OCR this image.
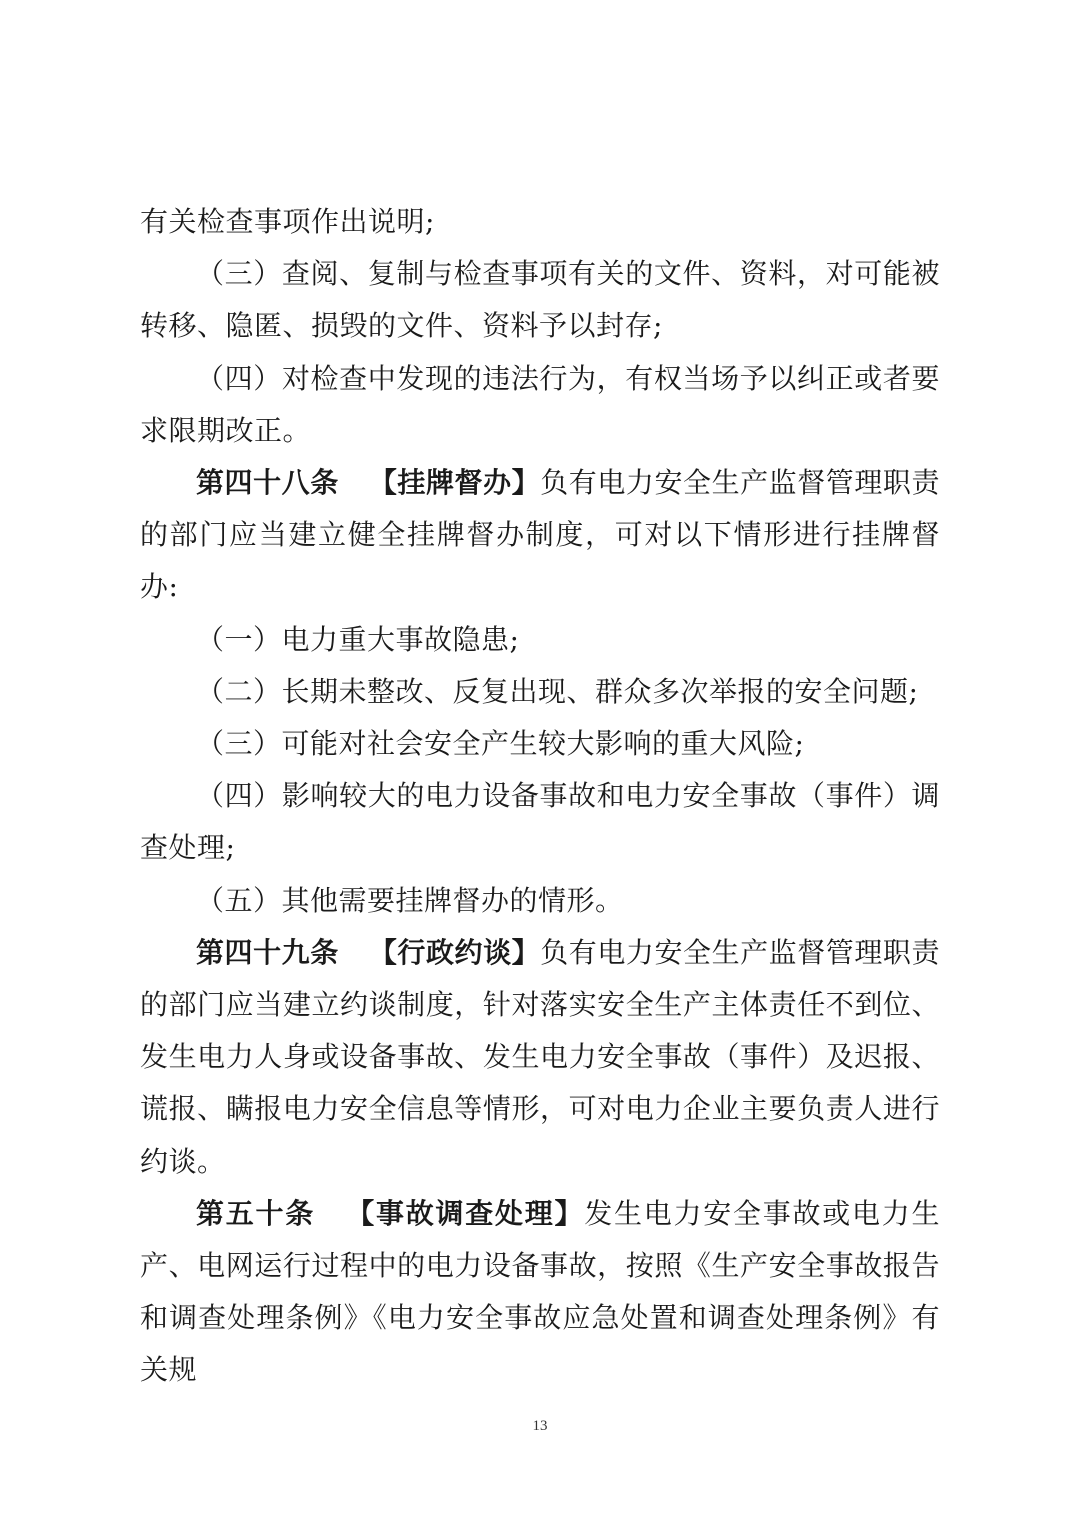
有关检查事项作出说明;

（三）查阅、复制与检查事项有关的文件、资料，对可能被转移、隐匿、损毁的文件、资料予以封存;

（四）对检查中发现的违法行为，有权当场予以纠正或者要求限期改正。

第四十八条 【挂牌督办】负有电力安全生产监督管理职责的部门应当建立健全挂牌督办制度，可对以下情形进行挂牌督办:

（一）电力重大事故隐患;

（二）长期未整改、反复出现、群众多次举报的安全问题;

（三）可能对社会安全产生较大影响的重大风险;

（四）影响较大的电力设备事故和电力安全事故（事件）调查处理;

（五）其他需要挂牌督办的情形。

第四十九条 【行政约谈】负有电力安全生产监督管理职责的部门应当建立约谈制度，针对落实安全生产主体责任不到位、发生电力人身或设备事故、发生电力安全事故（事件）及迟报、谎报、瞒报电力安全信息等情形，可对电力企业主要负责人进行约谈。

第五十条 【事故调查处理】发生电力安全事故或电力生产、电网运行过程中的电力设备事故，按照《生产安全事故报告和调查处理条例》《电力安全事故应急处置和调查处理条例》有关规

13
